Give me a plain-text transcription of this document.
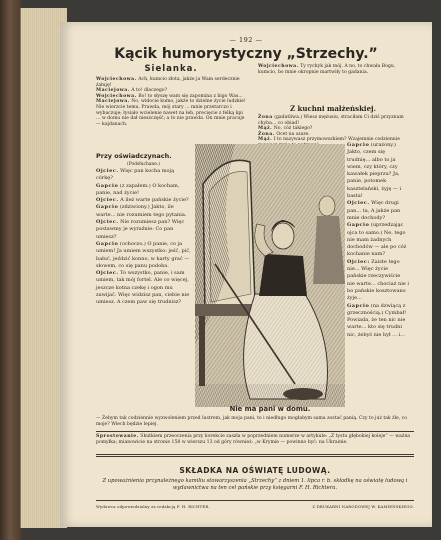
— 192 —
Kącik humorystyczny „Strzechy.”
Sielanka.

Wojciechowa. Ach, kumcio złota, jakże ja Wam serdecznie żałuję!

Maciejowa. A to! dlaczego?

Wojciechowa. Bo! to słyszę wam się zapomina z bigo Was...

Maciejowa. No, widocie kumo, jakże to dzielne życie ludzkie! Nie wierzcie temu. Prawda, mój stary ... mnie przetarczo i wybaczuje; łysiało wcielenie nawet na łeb, precięcie z felką kpi ... w domu nie dał nieszczęść; a to nie prawda. On mnie pracuje — kajdanach.

Wojciechowa. Ty rychyk jak mój. A no, to chwała Bogu, kumcio, bo mnie okropnie martwiły to gadania.

Z kuchni małżeńskiej.

Żona (gadatliwa.) Wiesz mężusiu, straciłam Ci dziś przyznam chyba... co obiad!

Mąż. No, cóż takiego?

Żona. Ocet na szare.

Mąż. I to nazywasz przymowszkiem? Wzajemnie codziennie

Przy oświadczynach.
(Podsłuchane.)

Ojciec. Więc pan kocha moją córkę?

Gapcio (z zapałem.) O kocham, panie, nad życie!

Ojciec. A ileż warte pańskie życie?

Gapcio (zdziwiony.) Jakto, ile warte... nie rozumiem tego pytania.

Ojciec. Nie rozumiesz pan? Więc postawmy je wyraźnie: Co pan umiesz?

Gapcio (ochoczo.) O panie, co ja umiem! Ja umiem wszystko: jeść, pić, bałuć, jeździć konno, w karty grać — słowem, co się panu podoba.

Ojciec. To wszystko, panie, i sam umiem, tak mój fortel. Ale co więcej, jeszcze kotna czekę i ogon mu zawijać. Więc widzisz pan, ciebie nie umiesz. A czem paw się trudnisz?

Gapcio (urażony.) Jakto, czem się trudnię... albo to ja wiem, czy który, czy kawałek pieprzu? Ja, panie, potomek kasztelański, żyję — i basta!

Ojciec. Więc drugi pan... ta, A jakże pan mnie dochody?

Gapcio (uprzedzając ojca to samo.) Ne, tego nie mam żadnych dochodów — ale po cóż kochanie nam?

Ojciec: Zaiste tego nie... Więc życie pańskie rzeczywiście nie warte... chociaż nie i bo pańskie kosztowano żyje...

Gapcio (na dzwiącą z grzecznością.) Cymbał! Powiada, że ten nic nie warte... kto się trudni nic, żebyś nie był ... i...

Nie ma pani w domu.

— Żebym tak codziennie wyzwoleniem przed lustrem, jak moja pani, to i niedługo mogłabym sama zostać panią. Czy to już tak źle, co moje? Wiech będzie lepiej.

Sprostowanie. Skutkiem przeoczenia przy korekcie zaszła w poprzedniem numerze w artykule: „Z tystu głębokiej koleje” — ważna pomyłka; mianowicie na stronie 158 w wierszu 13 od góry również: „w Krymie — powinno być: na Ukrainie.

SKŁADKA NA OŚWIATĘ LUDOWĄ.

Z upoważnienia przynależnego kamiliu stowarzyszenia „Strzechy” z dniem 1. lipca r. b. składkę na oświatę ludową i wydawnictwa na ten cel pańskie przy księgarni F. H. Richtera.

Wydawca odpowiedzialny za redakcję F. H. RICHTER.	Z DRUKARNI NARODOWEJ W. KAMIEŃSKIEGO.
